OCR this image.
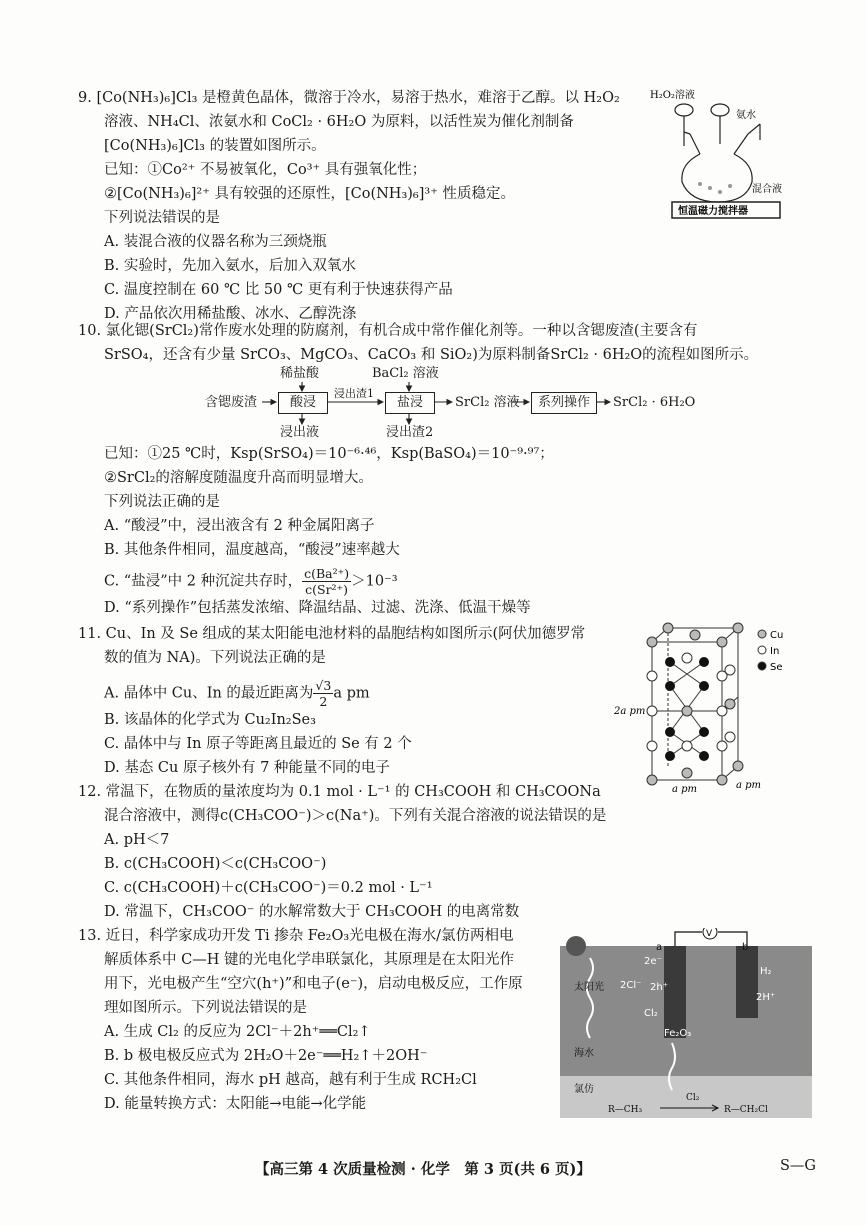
9. [Co(NH₃)₆]Cl₃ 是橙黄色晶体，微溶于冷水，易溶于热水，难溶于乙醇。以 H₂O₂
溶液、NH₄Cl、浓氨水和 CoCl₂ · 6H₂O 为原料，以活性炭为催化剂制备
[Co(NH₃)₆]Cl₃ 的装置如图所示。
已知：①Co²⁺ 不易被氧化，Co³⁺ 具有强氧化性；
②[Co(NH₃)₆]²⁺ 具有较强的还原性，[Co(NH₃)₆]³⁺ 性质稳定。
下列说法错误的是
A. 装混合液的仪器名称为三颈烧瓶
B. 实验时，先加入氨水，后加入双氧水
C. 温度控制在 60 ℃ 比 50 ℃ 更有利于快速获得产品
D. 产品依次用稀盐酸、冰水、乙醇洗涤
H₂O₂溶液
氨水
混合液
恒温磁力搅拌器
10. 氯化锶(SrCl₂)常作废水处理的防腐剂，有机合成中常作催化剂等。一种以含锶废渣(主要含有
SrSO₄，还含有少量 SrCO₃、MgCO₃、CaCO₃ 和 SiO₂)为原料制备SrCl₂ · 6H₂O的流程如图所示。
稀盐酸	BaCl₂ 溶液
含锶废渣	酸浸
浸出渣1
盐浸	SrCl₂ 溶液	系列操作	SrCl₂ · 6H₂O
浸出液	浸出渣2
已知：①25 ℃时，Ksp(SrSO₄)＝10⁻⁶·⁴⁶，Ksp(BaSO₄)＝10⁻⁹·⁹⁷；
②SrCl₂的溶解度随温度升高而明显增大。
下列说法正确的是
A. “酸浸”中，浸出液含有 2 种金属阳离子
B. 其他条件相同，温度越高，“酸浸”速率越大
C. “盐浸”中 2 种沉淀共存时， $\frac{\text{c(Ba²⁺)}}{\text{c(Sr²⁺)}} >10^{-3}$
D. “系列操作”包括蒸发浓缩、降温结晶、过滤、洗涤、低温干燥等
11. Cu、In 及 Se 组成的某太阳能电池材料的晶胞结构如图所示(阿伏加德罗常
数的值为 NA)。下列说法正确的是
A. 晶体中 Cu、In 的最近距离为 $\frac{√3}{2}$ a pm
B. 该晶体的化学式为 Cu₂In₂Se₃
C. 晶体中与 In 原子等距离且最近的 Se 有 2 个
D. 基态 Cu 原子核外有 7 种能量不同的电子
Cu
In
Se
2a pm
a pm	a pm
12. 常温下，在物质的量浓度均为 0.1 mol · L⁻¹ 的 CH₃COOH 和 CH₃COONa
混合溶液中，测得c(CH₃COO⁻)＞c(Na⁺)。下列有关混合溶液的说法错误的是
A. pH＜7
B. c(CH₃COOH)＜c(CH₃COO⁻)
C. c(CH₃COOH)＋c(CH₃COO⁻)＝0.2 mol · L⁻¹
D. 常温下，CH₃COO⁻ 的水解常数大于 CH₃COOH 的电离常数
13. 近日，科学家成功开发 Ti 掺杂 Fe₂O₃光电极在海水/氯仿两相电
解质体系中 C—H 键的光电化学串联氯化，其原理是在太阳光作
用下，光电极产生“空穴(h⁺)”和电子(e⁻)，启动电极反应，工作原
理如图所示。下列说法错误的是
A. 生成 Cl₂ 的反应为 2Cl⁻＋2h⁺══Cl₂↑
B. b 极电极反应式为 2H₂O＋2e⁻══H₂↑＋2OH⁻
C. 其他条件相同，海水 pH 越高，越有利于生成 RCH₂Cl
D. 能量转换方式：太阳能→电能→化学能
V
a	b
2e⁻
2Cl⁻ 2h⁺
Cl₂
Fe₂O₃
H₂
2H⁺
太阳光
海水
氯仿
R—CH₃
Cl₂
R—CH₂Cl
【高三第 4 次质量检测 · 化学　第 3 页(共 6 页)】	S—G
